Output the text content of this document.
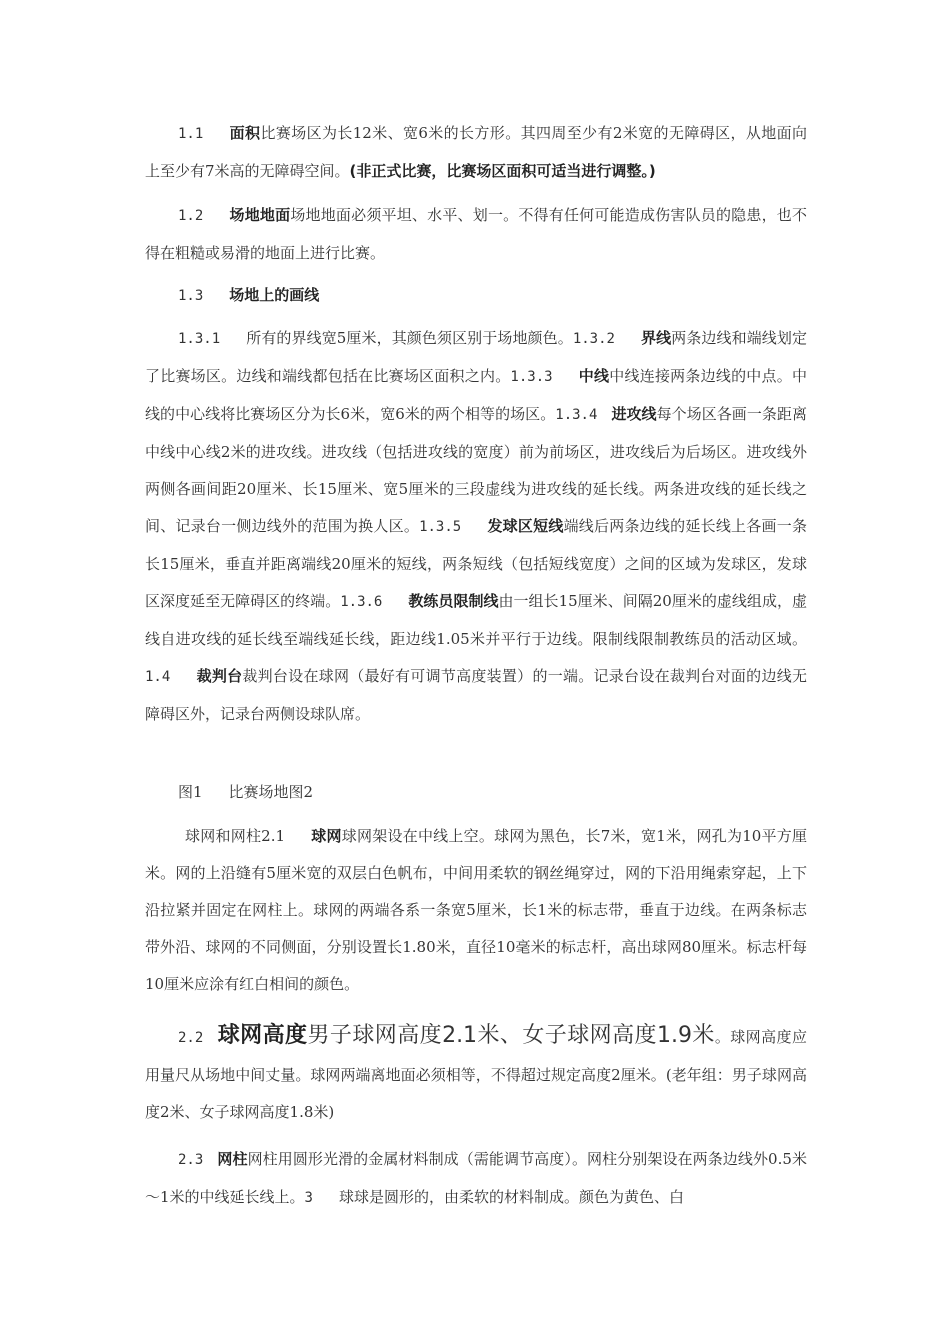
1.1 面积比赛场区为长12米、宽6米的长方形。其四周至少有2米宽的无障碍区，从地面向上至少有7米高的无障碍空间。(非正式比赛，比赛场区面积可适当进行调整。)

1.2 场地地面场地地面必须平坦、水平、划一。不得有任何可能造成伤害队员的隐患，也不得在粗糙或易滑的地面上进行比赛。

1.3 场地上的画线

1.3.1 所有的界线宽5厘米，其颜色须区别于场地颜色。1.3.2 界线两条边线和端线划定了比赛场区。边线和端线都包括在比赛场区面积之内。1.3.3 中线中线连接两条边线的中点。中线的中心线将比赛场区分为长6米，宽6米的两个相等的场区。1.3.4 进攻线每个场区各画一条距离中线中心线2米的进攻线。进攻线（包括进攻线的宽度）前为前场区，进攻线后为后场区。进攻线外两侧各画间距20厘米、长15厘米、宽5厘米的三段虚线为进攻线的延长线。两条进攻线的延长线之间、记录台一侧边线外的范围为换人区。1.3.5 发球区短线端线后两条边线的延长线上各画一条长15厘米，垂直并距离端线20厘米的短线，两条短线（包括短线宽度）之间的区域为发球区，发球区深度延至无障碍区的终端。1.3.6 教练员限制线由一组长15厘米、间隔20厘米的虚线组成，虚线自进攻线的延长线至端线延长线，距边线1.05米并平行于边线。限制线限制教练员的活动区域。1.4 裁判台裁判台设在球网（最好有可调节高度装置）的一端。记录台设在裁判台对面的边线无障碍区外，记录台两侧设球队席。

图1 比赛场地图2

球网和网柱2.1 球网球网架设在中线上空。球网为黑色，长7米，宽1米，网孔为10平方厘米。网的上沿缝有5厘米宽的双层白色帆布，中间用柔软的钢丝绳穿过，网的下沿用绳索穿起，上下沿拉紧并固定在网柱上。球网的两端各系一条宽5厘米，长1米的标志带，垂直于边线。在两条标志带外沿、球网的不同侧面，分别设置长1.80米，直径10毫米的标志杆，高出球网80厘米。标志杆每10厘米应涂有红白相间的颜色。

2.2 球网高度男子球网高度2.1米、女子球网高度1.9米。球网高度应用量尺从场地中间丈量。球网两端离地面必须相等，不得超过规定高度2厘米。(老年组：男子球网高度2米、女子球网高度1.8米)

2.3 网柱网柱用圆形光滑的金属材料制成（需能调节高度）。网柱分别架设在两条边线外0.5米～1米的中线延长线上。3 球球是圆形的，由柔软的材料制成。颜色为黄色、白
